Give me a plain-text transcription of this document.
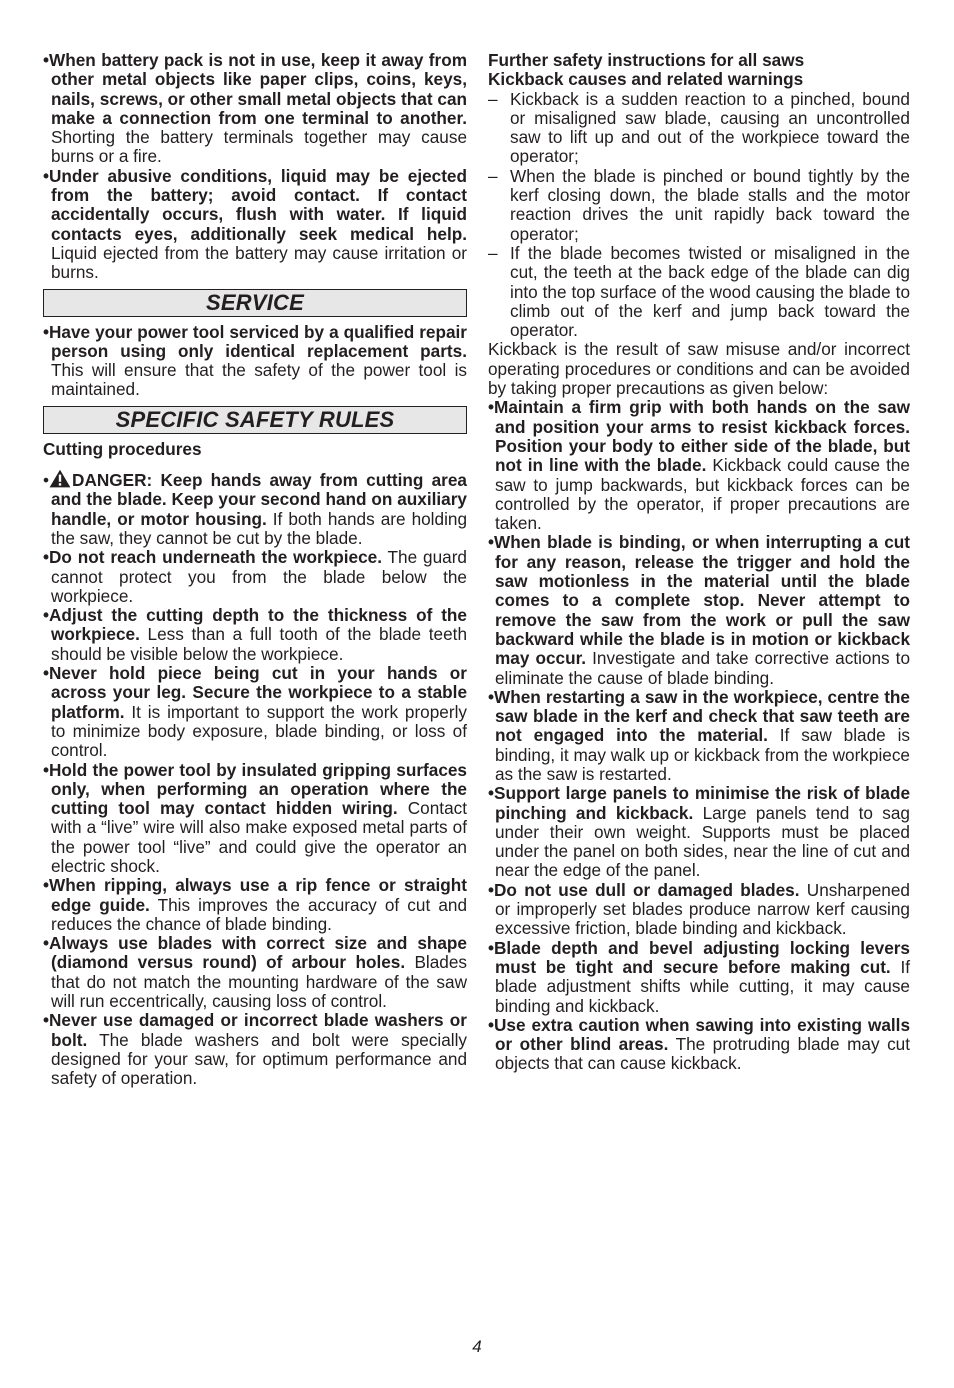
•When battery pack is not in use, keep it away from other metal objects like paper clips, coins, keys, nails, screws, or other small metal objects that can make a connection from one terminal to another. Shorting the battery terminals together may cause burns or a fire.

•Under abusive conditions, liquid may be ejected from the battery; avoid contact. If contact accidentally occurs, flush with water. If liquid contacts eyes, additionally seek medical help. Liquid ejected from the battery may cause irritation or burns.

SERVICE

•Have your power tool serviced by a qualified repair person using only identical replacement parts. This will ensure that the safety of the power tool is maintained.

SPECIFIC SAFETY RULES

Cutting procedures

• DANGER: Keep hands away from cutting area and the blade. Keep your second hand on auxiliary handle, or motor housing. If both hands are holding the saw, they cannot be cut by the blade.

•Do not reach underneath the workpiece. The guard cannot protect you from the blade below the workpiece.

•Adjust the cutting depth to the thickness of the workpiece. Less than a full tooth of the blade teeth should be visible below the workpiece.

•Never hold piece being cut in your hands or across your leg. Secure the workpiece to a stable platform. It is important to support the work properly to minimize body exposure, blade binding, or loss of control.

•Hold the power tool by insulated gripping surfaces only, when performing an operation where the cutting tool may contact hidden wiring. Contact with a “live” wire will also make exposed metal parts of the power tool “live” and could give the operator an electric shock.

•When ripping, always use a rip fence or straight edge guide. This improves the accuracy of cut and reduces the chance of blade binding.

•Always use blades with correct size and shape (diamond versus round) of arbour holes. Blades that do not match the mounting hardware of the saw will run eccentrically, causing loss of control.

•Never use damaged or incorrect blade washers or bolt. The blade washers and bolt were specially designed for your saw, for optimum performance and safety of operation.

Further safety instructions for all saws

Kickback causes and related warnings

– Kickback is a sudden reaction to a pinched, bound or misaligned saw blade, causing an uncontrolled saw to lift up and out of the workpiece toward the operator;

– When the blade is pinched or bound tightly by the kerf closing down, the blade stalls and the motor reaction drives the unit rapidly back toward the operator;

– If the blade becomes twisted or misaligned in the cut, the teeth at the back edge of the blade can dig into the top surface of the wood causing the blade to climb out of the kerf and jump back toward the operator.

Kickback is the result of saw misuse and/or incorrect operating procedures or conditions and can be avoided by taking proper precautions as given below:

•Maintain a firm grip with both hands on the saw and position your arms to resist kickback forces. Position your body to either side of the blade, but not in line with the blade. Kickback could cause the saw to jump backwards, but kickback forces can be controlled by the operator, if proper precautions are taken.

•When blade is binding, or when interrupting a cut for any reason, release the trigger and hold the saw motionless in the material until the blade comes to a complete stop. Never attempt to remove the saw from the work or pull the saw backward while the blade is in motion or kickback may occur. Investigate and take corrective actions to eliminate the cause of blade binding.

•When restarting a saw in the workpiece, centre the saw blade in the kerf and check that saw teeth are not engaged into the material. If saw blade is binding, it may walk up or kickback from the workpiece as the saw is restarted.

•Support large panels to minimise the risk of blade pinching and kickback. Large panels tend to sag under their own weight. Supports must be placed under the panel on both sides, near the line of cut and near the edge of the panel.

•Do not use dull or damaged blades. Unsharpened or improperly set blades produce narrow kerf causing excessive friction, blade binding and kickback.

•Blade depth and bevel adjusting locking levers must be tight and secure before making cut. If blade adjustment shifts while cutting, it may cause binding and kickback.

•Use extra caution when sawing into existing walls or other blind areas. The protruding blade may cut objects that can cause kickback.

4
